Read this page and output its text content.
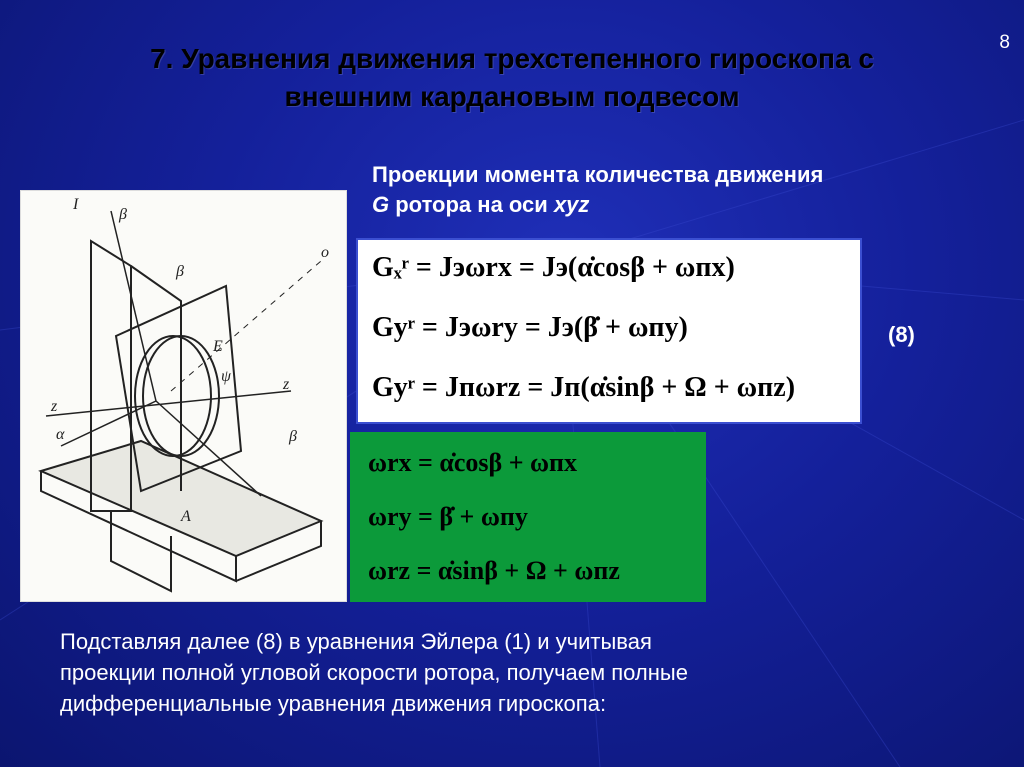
8
7. Уравнения движения трехстепенного гироскопа с
внешним кардановым подвесом
I
β
β
E
ψ	z
β
z
α
A
o
Проекции момента количества движения
G ротора на оси xyz
Gₓʳ = Jэωrx = Jэ(α̇cosβ + ωпx)
Gyʳ = Jэωry = Jэ(β̇ + ωпy)
Gyʳ = Jпωrz = Jп(α̇sinβ + Ω + ωпz)
(8)
ωrx = α̇cosβ + ωпx
ωry = β̇ + ωпy
ωrz = α̇sinβ + Ω + ωпz
Подставляя далее (8) в уравнения Эйлера (1) и учитывая
проекции полной угловой скорости ротора, получаем полные
дифференциальные уравнения движения гироскопа:
